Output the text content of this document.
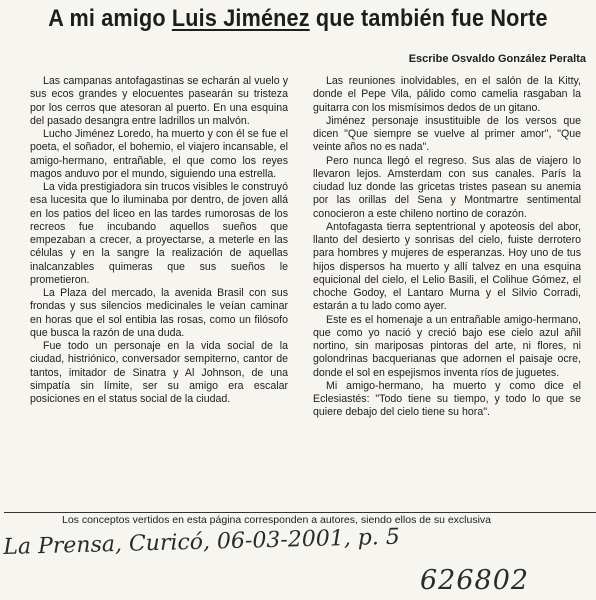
A mi amigo Luis Jiménez que también fue Norte
Escribe Osvaldo González Peralta

Las campanas antofagastinas se echarán al vuelo y sus ecos grandes y elocuentes pasearán su tristeza por los cerros que atesoran al puerto. En una esquina del pasado desangra entre ladrillos un malvón.

Lucho Jiménez Loredo, ha muerto y con él se fue el poeta, el soñador, el bohemio, el viajero incansable, el amigo-hermano, entrañable, el que como los reyes magos anduvo por el mundo, siguiendo una estrella.

La vida prestigiadora sin trucos visibles le construyó esa lucesita que lo iluminaba por dentro, de joven allá en los patios del liceo en las tardes rumorosas de los recreos fue incubando aquellos sueños que empezaban a crecer, a proyectarse, a meterle en las células y en la sangre la realización de aquellas inalcanzables quimeras que sus sueños le prometieron.

La Plaza del mercado, la avenida Brasil con sus frondas y sus silencios medicinales le veían caminar en horas que el sol entibia las rosas, como un filósofo que busca la razón de una duda.

Fue todo un personaje en la vida social de la ciudad, histriónico, conversador sempiterno, cantor de tantos, imitador de Sinatra y Al Johnson, de una simpatía sin límite, ser su amigo era escalar posiciones en el status social de la ciudad.

Las reuniones inolvidables, en el salón de la Kitty, donde el Pepe Vila, pálido como camelia rasgaban la guitarra con los mismísimos dedos de un gitano.

Jiménez personaje insustituible de los versos que dicen "Que siempre se vuelve al primer amor", "Que veinte años no es nada".

Pero nunca llegó el regreso. Sus alas de viajero lo llevaron lejos. Amsterdam con sus canales. París la ciudad luz donde las gricetas tristes pasean su anemia por las orillas del Sena y Montmartre sentimental conocieron a este chileno nortino de corazón.

Antofagasta tierra septentrional y apoteosis del abor, llanto del desierto y sonrisas del cielo, fuiste derrotero para hombres y mujeres de esperanzas. Hoy uno de tus hijos dispersos ha muerto y allí talvez en una esquina equicional del cielo, el Lelio Basili, el Colihue Gómez, el choche Godoy, el Lantaro Murna y el Silvio Corradi, estarán a tu lado como ayer.

Este es el homenaje a un entrañable amigo-hermano, que como yo nació y creció bajo ese cielo azul añil nortino, sin mariposas pintoras del arte, ni flores, ni golondrinas bacquerianas que adornen el paisaje ocre, donde el sol en espejismos inventa ríos de juguetes.

Mi amigo-hermano, ha muerto y como dice el Eclesiastés: "Todo tiene su tiempo, y todo lo que se quiere debajo del cielo tiene su hora".

Los conceptos vertidos en esta página corresponden a autores, siendo ellos de su exclusiva
La Prensa, Curicó, 06-03-2001, p. 5
626802
